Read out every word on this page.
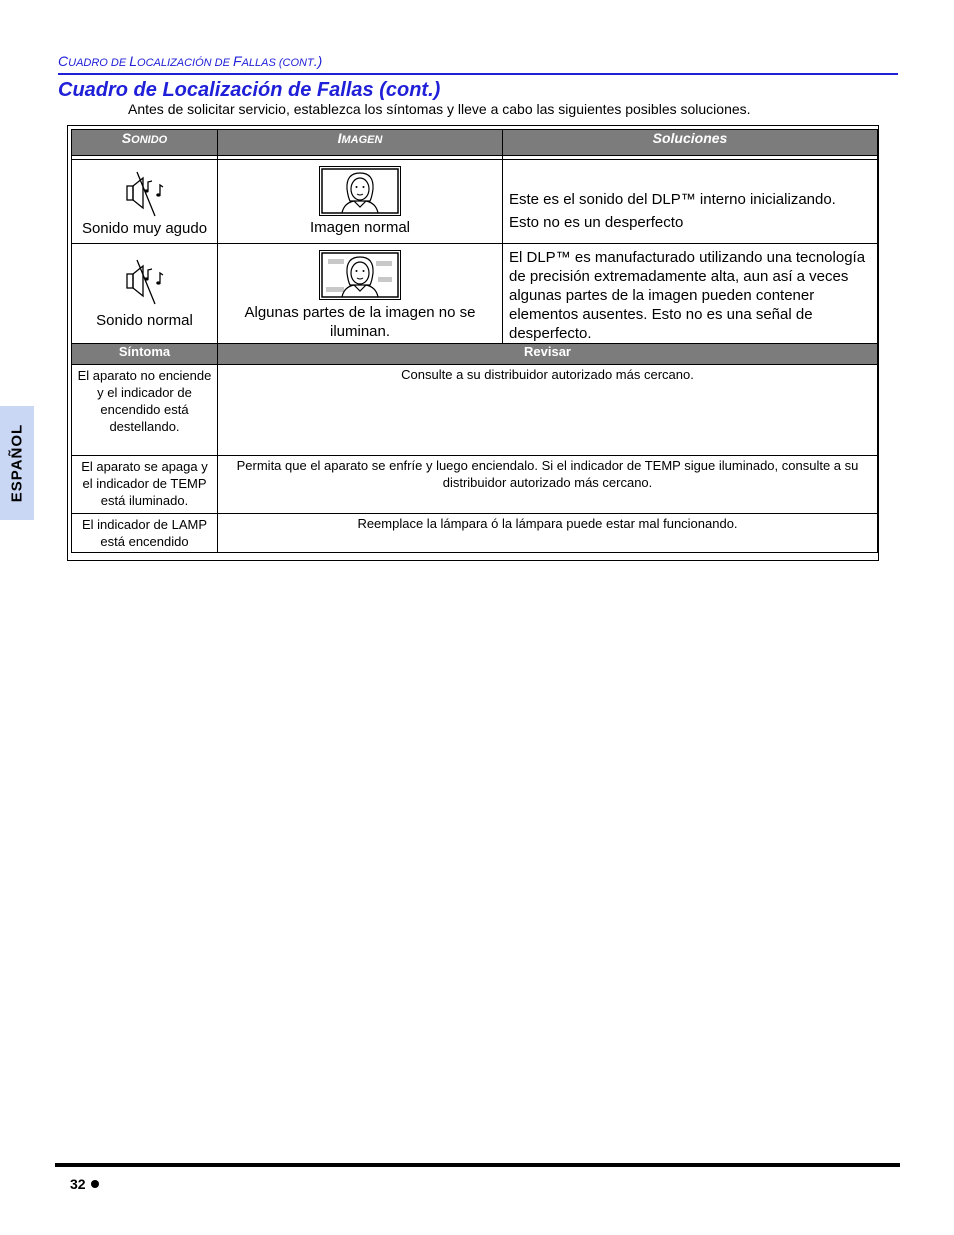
CUADRO DE LOCALIZACIÓN DE FALLAS (CONT.)
Cuadro de Localización de Fallas (cont.)
Antes de solicitar servicio, establezca los síntomas y lleve a cabo las siguientes posibles soluciones.
ESPAÑOL
SONIDO	IMAGEN	Soluciones

Sonido muy agudo	Imagen normal	Este es el sonido del DLP™ interno inicializando.
Esto no es un desperfecto

Sonido normal	Algunas partes de la imagen no se iluminan.	El DLP™ es manufacturado utilizando una tecnología de precisión extremadamente alta, aun así a veces algunas partes de la imagen pueden contener elementos ausentes. Esto no es una señal de desperfecto.

Síntoma	Revisar	
El aparato no enciende y el indicador de encendido está destellando.	Consulte a su distribuidor autorizado más cercano.	
El aparato se apaga y el indicador de TEMP está iluminado.	Permita que el aparato se enfríe y luego enciendalo. Si el indicador de TEMP sigue iluminado, consulte a su distribuidor autorizado más cercano.	
El indicador de LAMP está encendido	Reemplace la lámpara ó la lámpara puede estar mal funcionando.	
32
